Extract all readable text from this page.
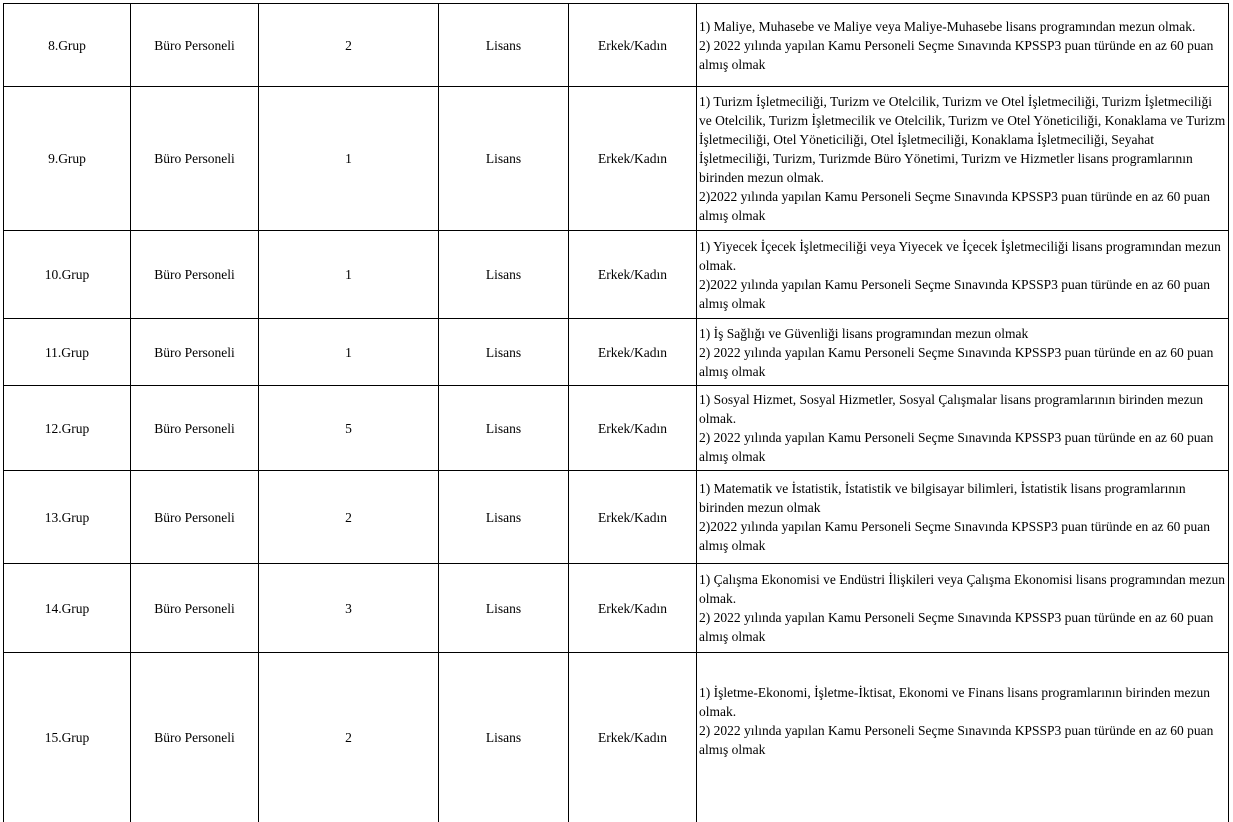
8.Grup	Büro Personeli	2	Lisans	Erkek/Kadın	1) Maliye, Muhasebe ve Maliye veya Maliye-Muhasebe lisans programından mezun olmak.
2) 2022 yılında yapılan Kamu Personeli Seçme Sınavında KPSSP3 puan türünde en az 60 puan almış olmak
9.Grup	Büro Personeli	1	Lisans	Erkek/Kadın	1) Turizm İşletmeciliği, Turizm ve Otelcilik, Turizm ve Otel İşletmeciliği, Turizm İşletmeciliği ve Otelcilik, Turizm İşletmecilik ve Otelcilik, Turizm ve Otel Yöneticiliği, Konaklama ve Turizm İşletmeciliği, Otel Yöneticiliği, Otel İşletmeciliği, Konaklama İşletmeciliği, Seyahat İşletmeciliği, Turizm, Turizmde Büro Yönetimi, Turizm ve Hizmetler lisans programlarının birinden mezun olmak.
2)2022 yılında yapılan Kamu Personeli Seçme Sınavında KPSSP3 puan türünde en az 60 puan almış olmak
10.Grup	Büro Personeli	1	Lisans	Erkek/Kadın	1) Yiyecek İçecek İşletmeciliği veya Yiyecek ve İçecek İşletmeciliği lisans programından mezun olmak.
2)2022 yılında yapılan Kamu Personeli Seçme Sınavında KPSSP3 puan türünde en az 60 puan almış olmak
11.Grup	Büro Personeli	1	Lisans	Erkek/Kadın	1) İş Sağlığı ve Güvenliği lisans programından mezun olmak
2) 2022 yılında yapılan Kamu Personeli Seçme Sınavında KPSSP3 puan türünde en az 60 puan almış olmak
12.Grup	Büro Personeli	5	Lisans	Erkek/Kadın	1) Sosyal Hizmet, Sosyal Hizmetler, Sosyal Çalışmalar lisans programlarının birinden mezun olmak.
2) 2022 yılında yapılan Kamu Personeli Seçme Sınavında KPSSP3 puan türünde en az 60 puan almış olmak
13.Grup	Büro Personeli	2	Lisans	Erkek/Kadın	1) Matematik ve İstatistik, İstatistik ve bilgisayar bilimleri, İstatistik lisans programlarının birinden mezun olmak
2)2022 yılında yapılan Kamu Personeli Seçme Sınavında KPSSP3 puan türünde en az 60 puan almış olmak
14.Grup	Büro Personeli	3	Lisans	Erkek/Kadın	1) Çalışma Ekonomisi ve Endüstri İlişkileri veya Çalışma Ekonomisi lisans programından mezun olmak.
2) 2022 yılında yapılan Kamu Personeli Seçme Sınavında KPSSP3 puan türünde en az 60 puan almış olmak
15.Grup	Büro Personeli	2	Lisans	Erkek/Kadın	1) İşletme-Ekonomi, İşletme-İktisat, Ekonomi ve Finans lisans programlarının birinden mezun olmak.
2) 2022 yılında yapılan Kamu Personeli Seçme Sınavında KPSSP3 puan türünde en az 60 puan almış olmak
